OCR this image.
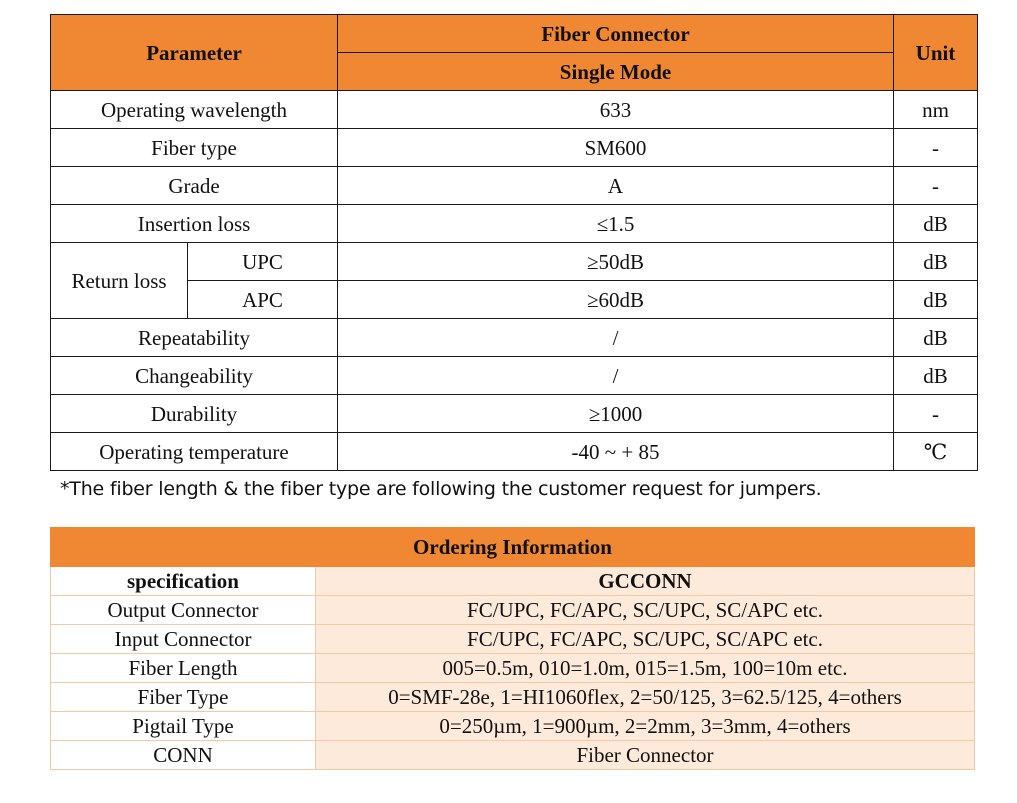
Parameter		Fiber Connector	Unit
		Single Mode	
Operating wavelength		633	nm
Fiber type		SM600	-
Grade		A	-
Insertion loss		≤1.5	dB
Return loss	UPC	≥50dB	dB
	APC	≥60dB	dB
Repeatability		/	dB
Changeability		/	dB
Durability		≥1000	-
Operating temperature		-40 ~ + 85	℃
*The fiber length & the fiber type are following the customer request for jumpers.
Ordering Information	
specification	GCCONN
Output Connector	FC/UPC, FC/APC, SC/UPC, SC/APC etc.
Input Connector	FC/UPC, FC/APC, SC/UPC, SC/APC etc.
Fiber Length	005=0.5m, 010=1.0m, 015=1.5m, 100=10m etc.
Fiber Type	0=SMF-28e, 1=HI1060flex, 2=50/125, 3=62.5/125, 4=others
Pigtail Type	0=250µm, 1=900µm, 2=2mm, 3=3mm, 4=others
CONN	Fiber Connector
